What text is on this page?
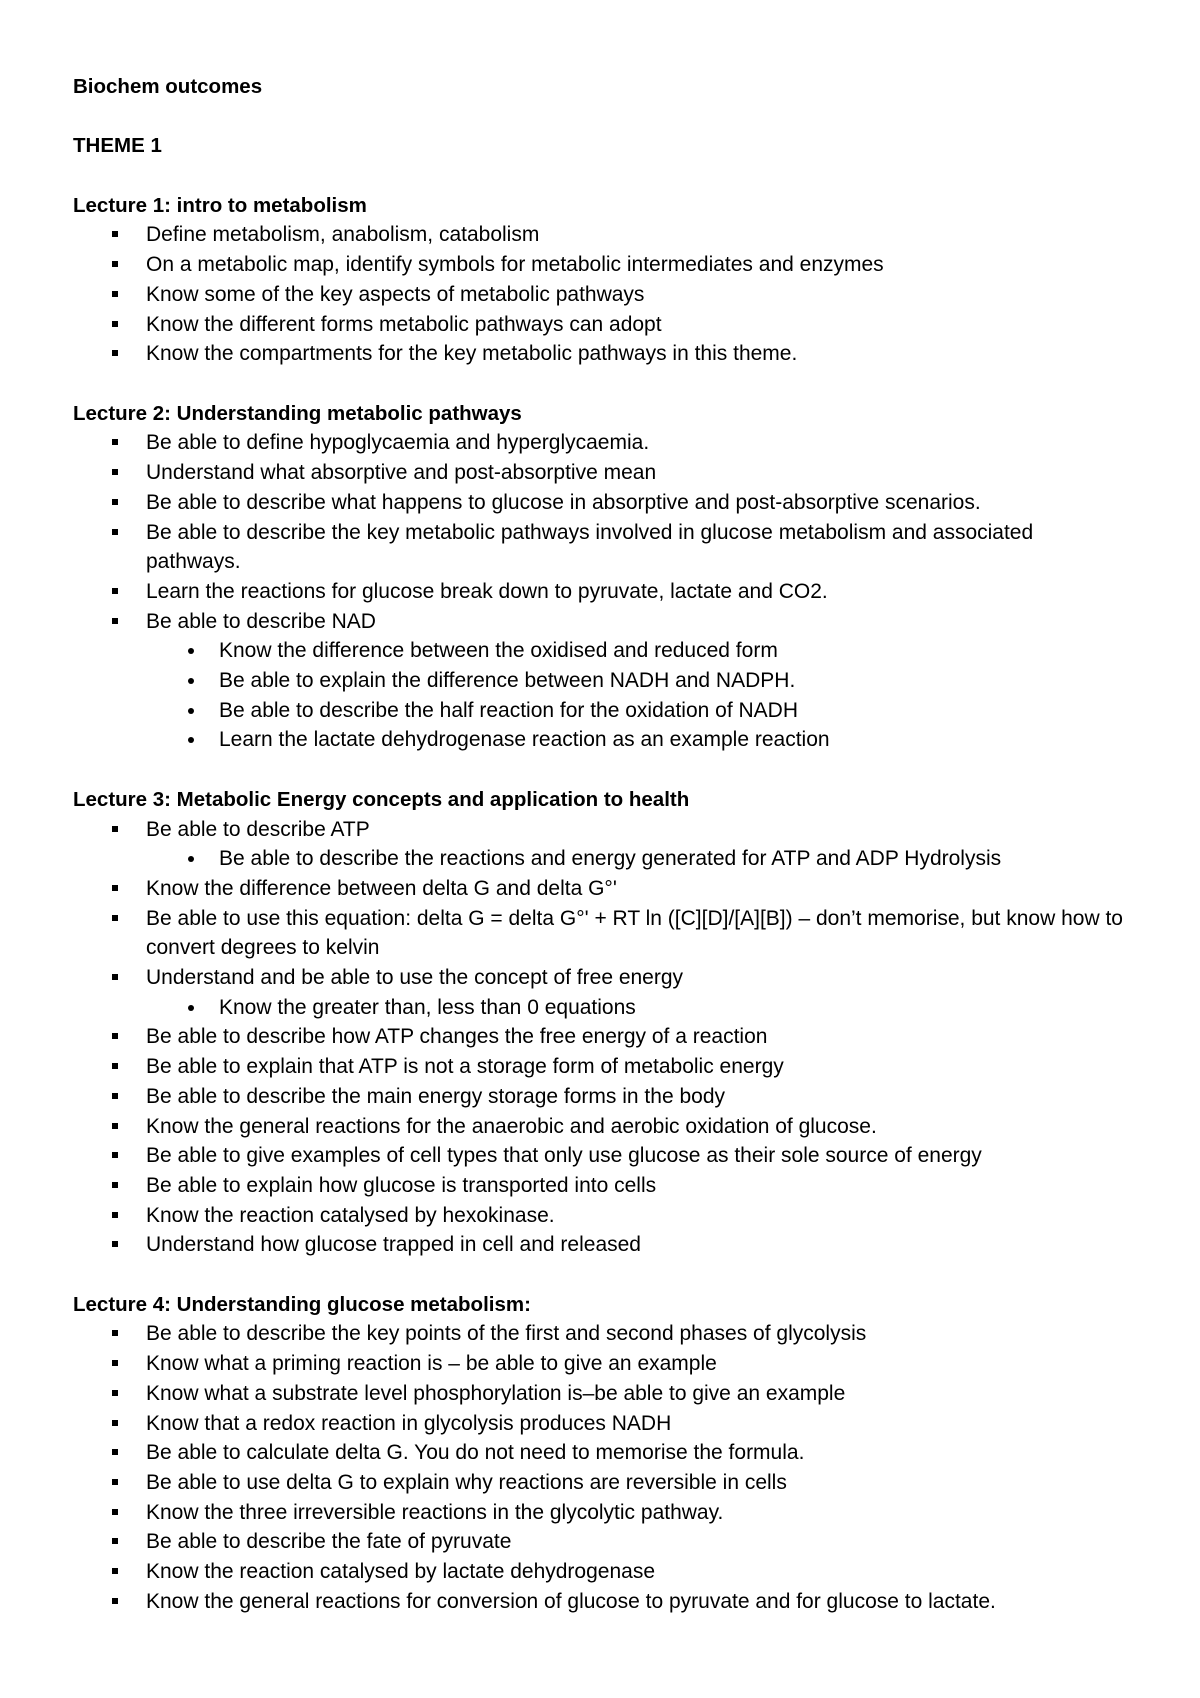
Biochem outcomes
THEME 1
Lecture 1: intro to metabolism
Define metabolism, anabolism, catabolism
On a metabolic map, identify symbols for metabolic intermediates and enzymes
Know some of the key aspects of metabolic pathways
Know the different forms metabolic pathways can adopt
Know the compartments for the key metabolic pathways in this theme.
Lecture 2: Understanding metabolic pathways
Be able to define hypoglycaemia and hyperglycaemia.
Understand what absorptive and post-absorptive mean
Be able to describe what happens to glucose in absorptive and post-absorptive scenarios.
Be able to describe the key metabolic pathways involved in glucose metabolism and associated pathways.
Learn the reactions for glucose break down to pyruvate, lactate and CO2.
Be able to describe NAD
Know the difference between the oxidised and reduced form
Be able to explain the difference between NADH and NADPH.
Be able to describe the half reaction for the oxidation of NADH
Learn the lactate dehydrogenase reaction as an example reaction
Lecture 3: Metabolic Energy concepts and application to health
Be able to describe ATP
Be able to describe the reactions and energy generated for ATP and ADP Hydrolysis
Know the difference between delta G and delta G°'
Be able to use this equation: delta G = delta G°' + RT ln ([C][D]/[A][B]) – don’t memorise, but know how to convert degrees to kelvin
Understand and be able to use the concept of free energy
Know the greater than, less than 0 equations
Be able to describe how ATP changes the free energy of a reaction
Be able to explain that ATP is not a storage form of metabolic energy
Be able to describe the main energy storage forms in the body
Know the general reactions for the anaerobic and aerobic oxidation of glucose.
Be able to give examples of cell types that only use glucose as their sole source of energy
Be able to explain how glucose is transported into cells
Know the reaction catalysed by hexokinase.
Understand how glucose trapped in cell and released
Lecture 4: Understanding glucose metabolism:
Be able to describe the key points of the first and second phases of glycolysis
Know what a priming reaction is – be able to give an example
Know what a substrate level phosphorylation is–be able to give an example
Know that a redox reaction in glycolysis produces NADH
Be able to calculate delta G. You do not need to memorise the formula.
Be able to use delta G to explain why reactions are reversible in cells
Know the three irreversible reactions in the glycolytic pathway.
Be able to describe the fate of pyruvate
Know the reaction catalysed by lactate dehydrogenase
Know the general reactions for conversion of glucose to pyruvate and for glucose to lactate.
